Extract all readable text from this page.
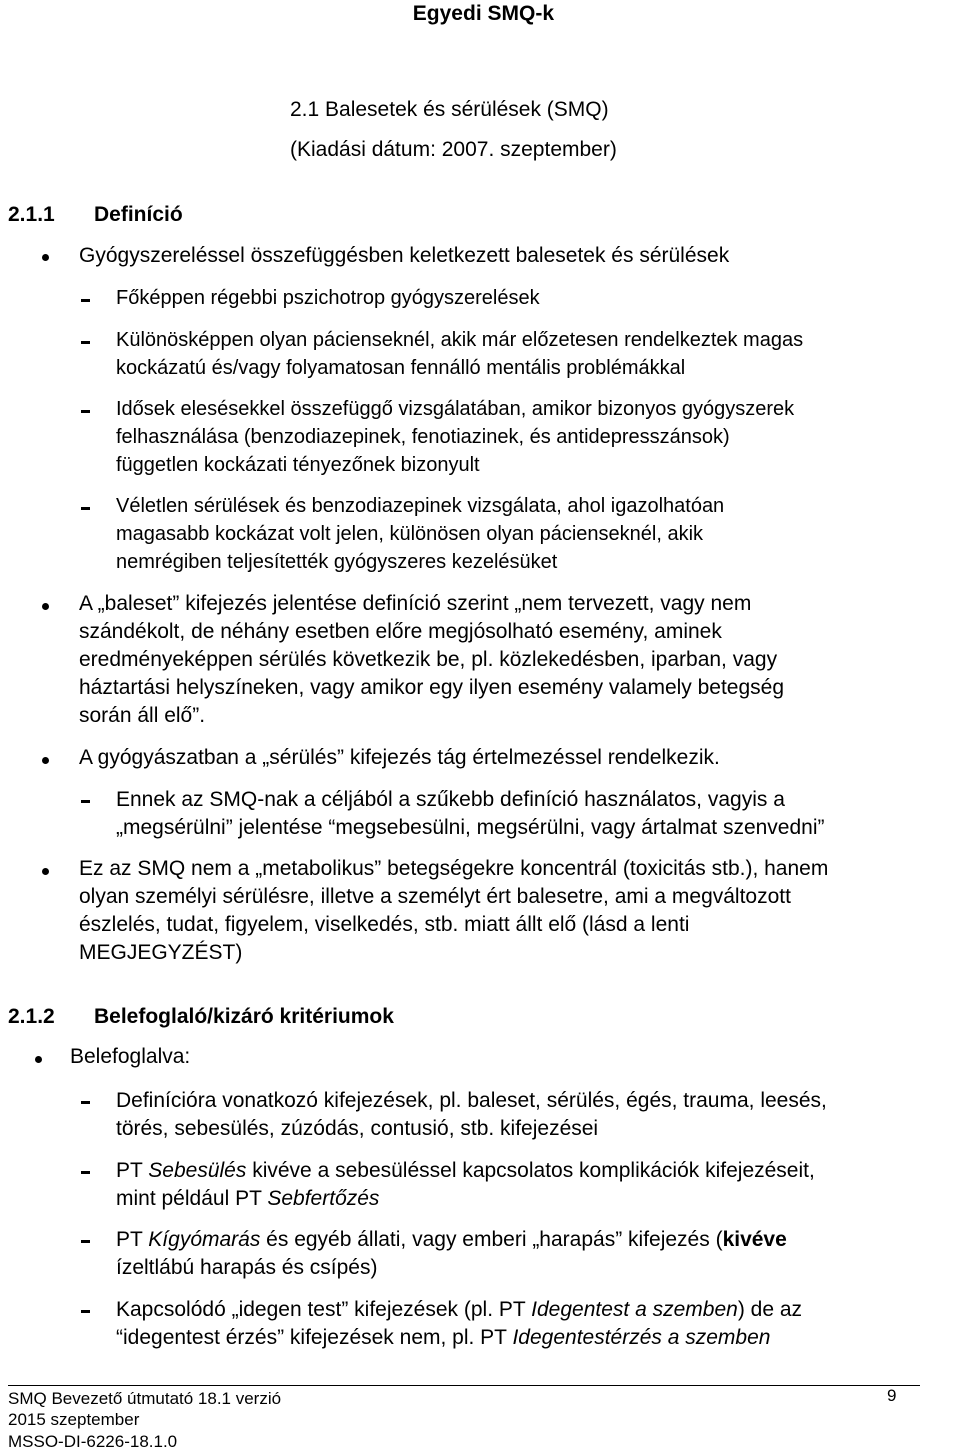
Egyedi SMQ-k
2.1 Balesetek és sérülések (SMQ)
(Kiadási dátum: 2007. szeptember)
2.1.1 Definíció
Gyógyszereléssel összefüggésben keletkezett balesetek és sérülések
Főképpen régebbi pszichotrop gyógyszerelések
Különösképpen olyan pácienseknél, akik már előzetesen rendelkeztek magas
kockázatú és/vagy folyamatosan fennálló mentális problémákkal
Idősek elesésekkel összefüggő vizsgálatában, amikor bizonyos gyógyszerek
felhasználása (benzodiazepinek, fenotiazinek, és antidepresszánsok)
független kockázati tényezőnek bizonyult
Véletlen sérülések és benzodiazepinek vizsgálata, ahol igazolhatóan
magasabb kockázat volt jelen, különösen olyan pácienseknél, akik
nemrégiben teljesítették gyógyszeres kezelésüket
A „baleset” kifejezés jelentése definíció szerint „nem tervezett, vagy nem
szándékolt, de néhány esetben előre megjósolható esemény, aminek
eredményeképpen sérülés következik be, pl. közlekedésben, iparban, vagy
háztartási helyszíneken, vagy amikor egy ilyen esemény valamely betegség
során áll elő”.
A gyógyászatban a „sérülés” kifejezés tág értelmezéssel rendelkezik.
Ennek az SMQ-nak a céljából a szűkebb definíció használatos, vagyis a
„megsérülni” jelentése “megsebesülni, megsérülni, vagy ártalmat szenvedni”
Ez az SMQ nem a „metabolikus” betegségekre koncentrál (toxicitás stb.), hanem
olyan személyi sérülésre, illetve a személyt ért balesetre, ami a megváltozott
észlelés, tudat, figyelem, viselkedés, stb. miatt állt elő (lásd a lenti
MEGJEGYZÉST)
2.1.2 Belefoglaló/kizáró kritériumok
Belefoglalva:
Definícióra vonatkozó kifejezések, pl. baleset, sérülés, égés, trauma, leesés,
törés, sebesülés, zúzódás, contusió, stb. kifejezései
PT Sebesülés kivéve a sebesüléssel kapcsolatos komplikációk kifejezéseit,
mint például PT Sebfertőzés
PT Kígyómarás és egyéb állati, vagy emberi „harapás” kifejezés (kivéve
ízeltlábú harapás és csípés)
Kapcsolódó „idegen test” kifejezések (pl. PT Idegentest a szemben) de az
“idegentest érzés” kifejezések nem, pl. PT Idegentestérzés a szemben
SMQ Bevezető útmutató 18.1 verzió
2015 szeptember
MSSO-DI-6226-18.1.0
9
